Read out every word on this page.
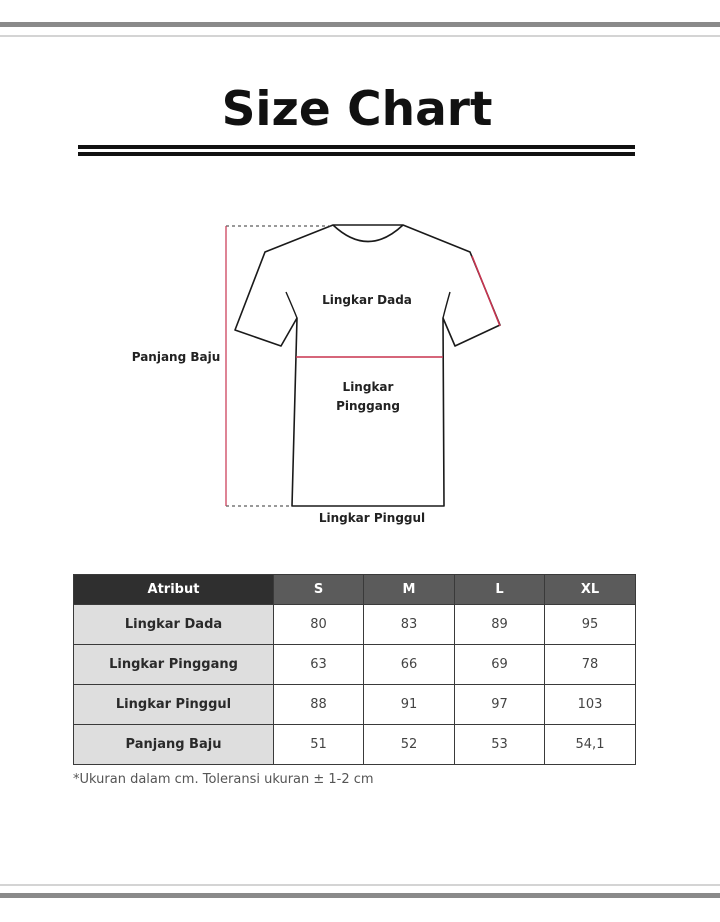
Size Chart
Lingkar Dada
Lingkar
Pinggang
Lingkar Pinggul
Panjang Baju
Atribut	S	M	L	XL
Lingkar Dada	80	83	89	95
Lingkar Pinggang	63	66	69	78
Lingkar Pinggul	88	91	97	103
Panjang Baju	51	52	53	54,1
*Ukuran dalam cm. Toleransi ukuran ± 1-2 cm
